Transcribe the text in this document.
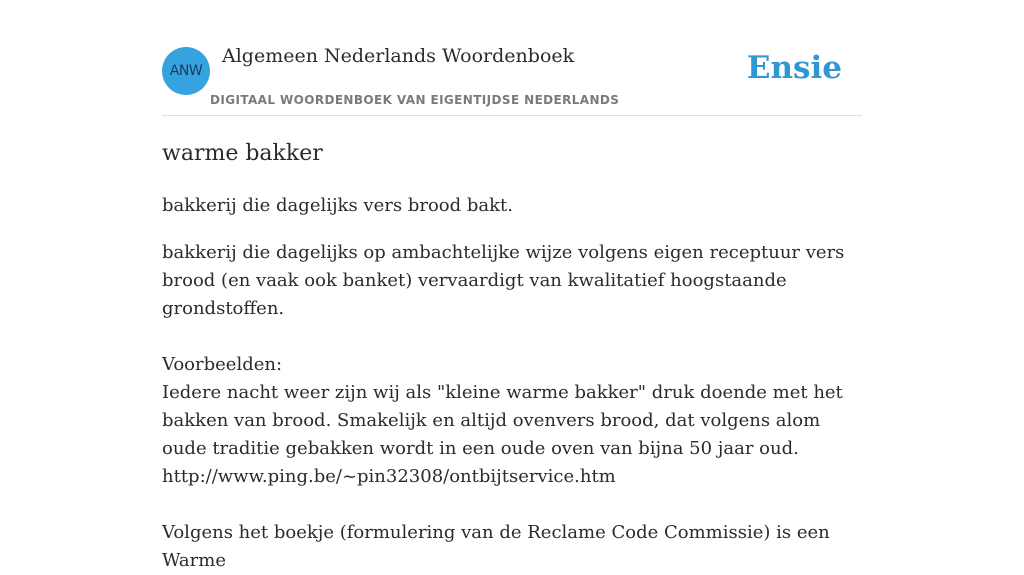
ANW
Algemeen Nederlands Woordenboek
DIGITAAL WOORDENBOEK VAN EIGENTIJDSE NEDERLANDS
Ensie
warme bakker

bakkerij die dagelijks vers brood bakt.

bakkerij die dagelijks op ambachtelijke wijze volgens eigen receptuur vers brood (en vaak ook banket) vervaardigt van kwalitatief hoogstaande grondstoffen.

Voorbeelden:
Iedere nacht weer zijn wij als "kleine warme bakker" druk doende met het bakken van brood. Smakelijk en altijd ovenvers brood, dat volgens alom oude traditie gebakken wordt in een oude oven van bijna 50 jaar oud.
http://www.ping.be/~pin32308/ontbijtservice.htm

Volgens het boekje (formulering van de Reclame Code Commissie) is een Warme
